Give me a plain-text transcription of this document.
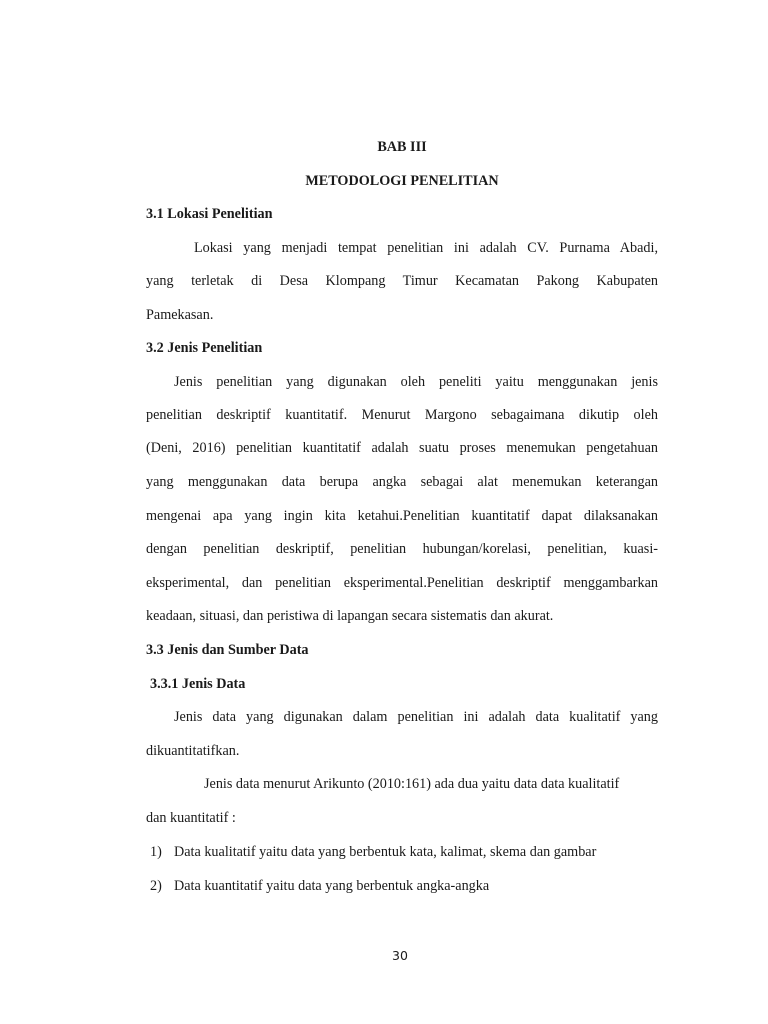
BAB III
METODOLOGI PENELITIAN
3.1 Lokasi Penelitian
Lokasi yang menjadi tempat penelitian ini adalah CV. Purnama Abadi,
yang terletak di Desa Klompang Timur Kecamatan Pakong Kabupaten
Pamekasan.
3.2 Jenis Penelitian
Jenis penelitian yang digunakan oleh peneliti yaitu menggunakan jenis
penelitian deskriptif kuantitatif. Menurut Margono sebagaimana dikutip oleh
(Deni, 2016) penelitian kuantitatif adalah suatu proses menemukan pengetahuan
yang menggunakan data berupa angka sebagai alat menemukan keterangan
mengenai apa yang ingin kita ketahui.Penelitian kuantitatif dapat dilaksanakan
dengan penelitian deskriptif, penelitian hubungan/korelasi, penelitian, kuasi-
eksperimental, dan penelitian eksperimental.Penelitian deskriptif menggambarkan
keadaan, situasi, dan peristiwa di lapangan secara sistematis dan akurat.
3.3 Jenis dan Sumber Data
3.3.1 Jenis Data
Jenis data yang digunakan dalam penelitian ini adalah data kualitatif yang
dikuantitatifkan.
Jenis data menurut Arikunto (2010:161) ada dua yaitu data data kualitatif
dan kuantitatif :
1) Data kualitatif yaitu data yang berbentuk kata, kalimat, skema dan gambar
2) Data kuantitatif yaitu data yang berbentuk angka-angka
30
